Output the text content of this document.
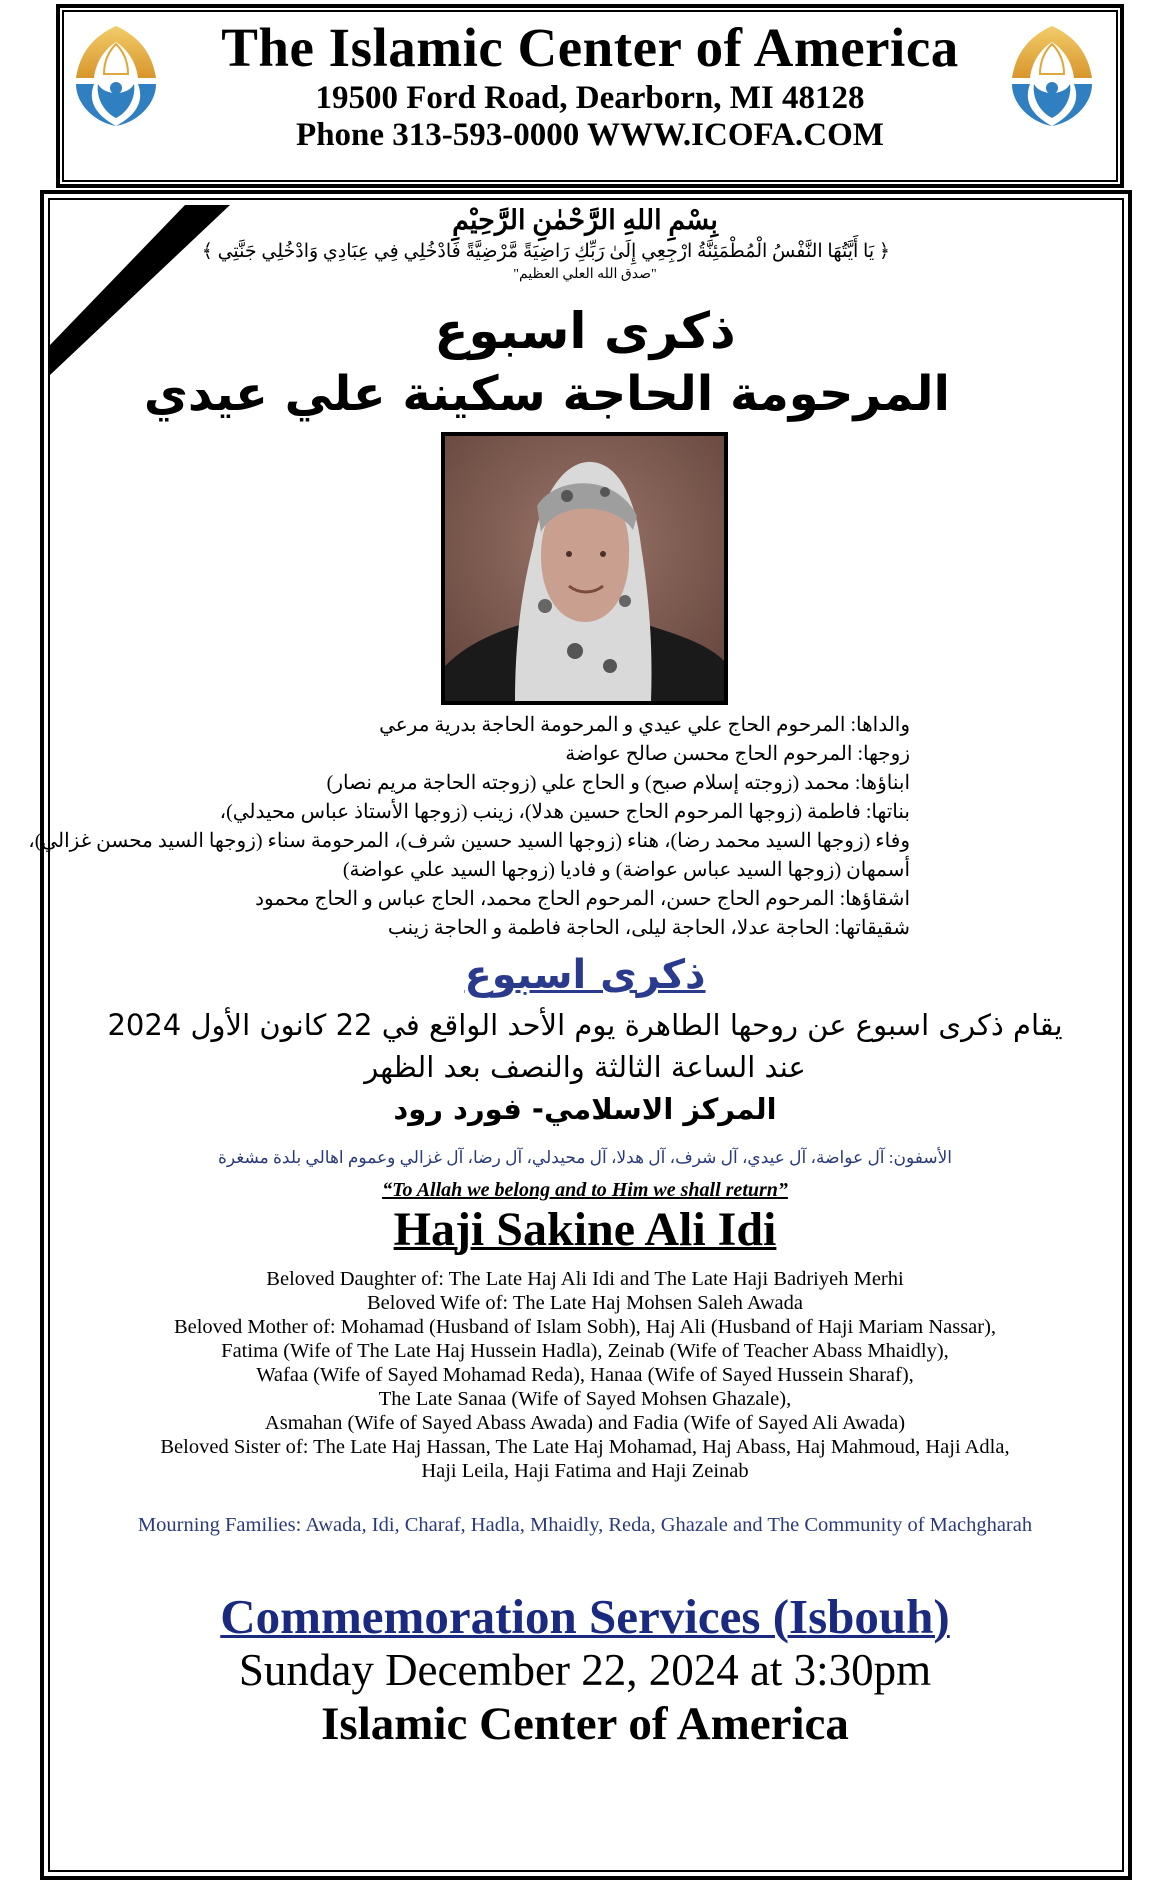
The Islamic Center of America
19500 Ford Road, Dearborn, MI 48128
Phone 313-593-0000 WWW.ICOFA.COM
بِسْمِ اللهِ الرَّحْمٰنِ الرَّحِيْمِ
﴿ يَا أَيَّتُهَا النَّفْسُ الْمُطْمَئِنَّةُ ارْجِعِي إِلَىٰ رَبِّكِ رَاضِيَةً مَّرْضِيَّةً فَادْخُلِي فِي عِبَادِي وَادْخُلِي جَنَّتِي ﴾
"صدق الله العلي العظيم"
ذكرى اسبوع
المرحومة الحاجة سكينة علي عيدي
والداها: المرحوم الحاج علي عيدي و المرحومة الحاجة بدرية مرعي
زوجها: المرحوم الحاج محسن صالح عواضة
ابناؤها: محمد (زوجته إسلام صبح) و الحاج علي (زوجته الحاجة مريم نصار)
بناتها: فاطمة (زوجها المرحوم الحاج حسين هدلا)، زينب (زوجها الأستاذ عباس محيدلي)،
وفاء (زوجها السيد محمد رضا)، هناء (زوجها السيد حسين شرف)، المرحومة سناء (زوجها السيد محسن غزالي)،
أسمهان (زوجها السيد عباس عواضة) و فاديا (زوجها السيد علي عواضة)
اشقاؤها: المرحوم الحاج حسن، المرحوم الحاج محمد، الحاج عباس و الحاج محمود
شقيقاتها: الحاجة عدلا، الحاجة ليلى، الحاجة فاطمة و الحاجة زينب
ذكرى اسبوع
يقام ذكرى اسبوع عن روحها الطاهرة يوم الأحد الواقع في 22 كانون الأول 2024
عند الساعة الثالثة والنصف بعد الظهر
المركز الاسلامي- فورد رود
الأسفون: آل عواضة، آل عيدي، آل شرف، آل هدلا، آل محيدلي، آل رضا، آل غزالي وعموم اهالي بلدة مشغرة
“To Allah we belong and to Him we shall return”
Haji Sakine Ali Idi
Beloved Daughter of: The Late Haj Ali Idi and The Late Haji Badriyeh Merhi
Beloved Wife of: The Late Haj Mohsen Saleh Awada
Beloved Mother of: Mohamad (Husband of Islam Sobh), Haj Ali (Husband of Haji Mariam Nassar),
Fatima (Wife of The Late Haj Hussein Hadla), Zeinab (Wife of Teacher Abass Mhaidly),
Wafaa (Wife of Sayed Mohamad Reda), Hanaa (Wife of Sayed Hussein Sharaf),
The Late Sanaa (Wife of Sayed Mohsen Ghazale),
Asmahan (Wife of Sayed Abass Awada) and Fadia (Wife of Sayed Ali Awada)
Beloved Sister of: The Late Haj Hassan, The Late Haj Mohamad, Haj Abass, Haj Mahmoud, Haji Adla,
Haji Leila, Haji Fatima and Haji Zeinab
Mourning Families: Awada, Idi, Charaf, Hadla, Mhaidly, Reda, Ghazale and The Community of Machgharah
Commemoration Services (Isbouh)
Sunday December 22, 2024 at 3:30pm
Islamic Center of America
